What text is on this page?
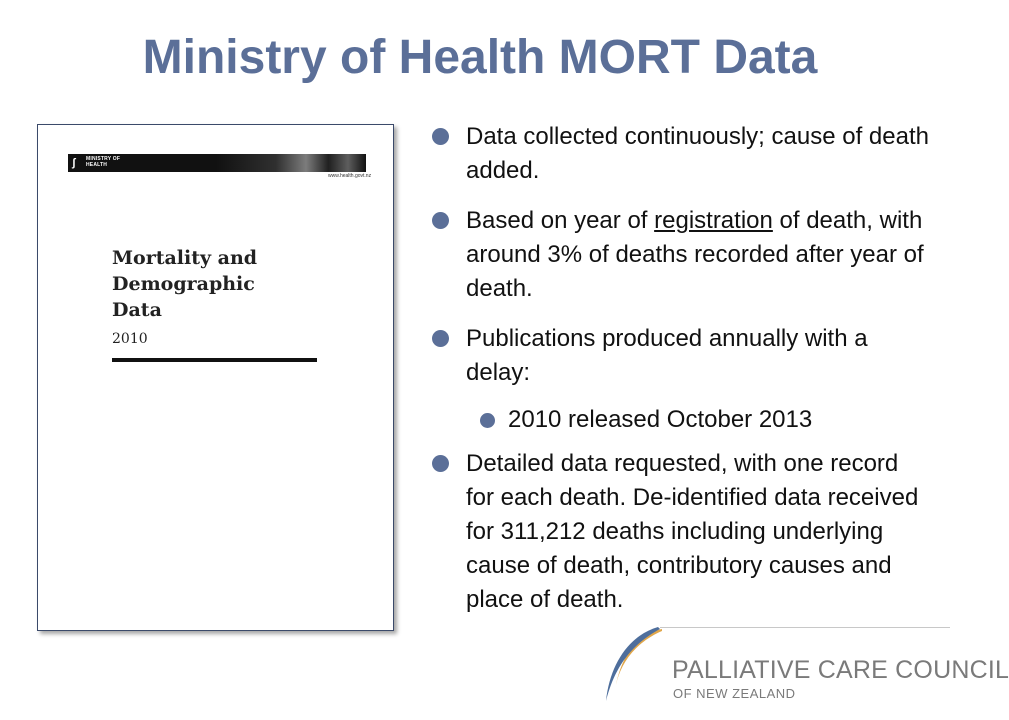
Ministry of Health MORT Data
ʃ	MINISTRY OF
HEALTH
www.health.govt.nz
Mortality and
Demographic
Data
2010
Data collected continuously; cause of death added.
Based on year of registration of death, with around 3% of deaths recorded after year of death.
Publications produced annually with a delay:
2010 released October 2013
Detailed data requested, with one record for each death. De-identified data received for 311,212 deaths including underlying cause of death, contributory causes and place of death.
PALLIATIVE CARE COUNCIL
OF NEW ZEALAND
